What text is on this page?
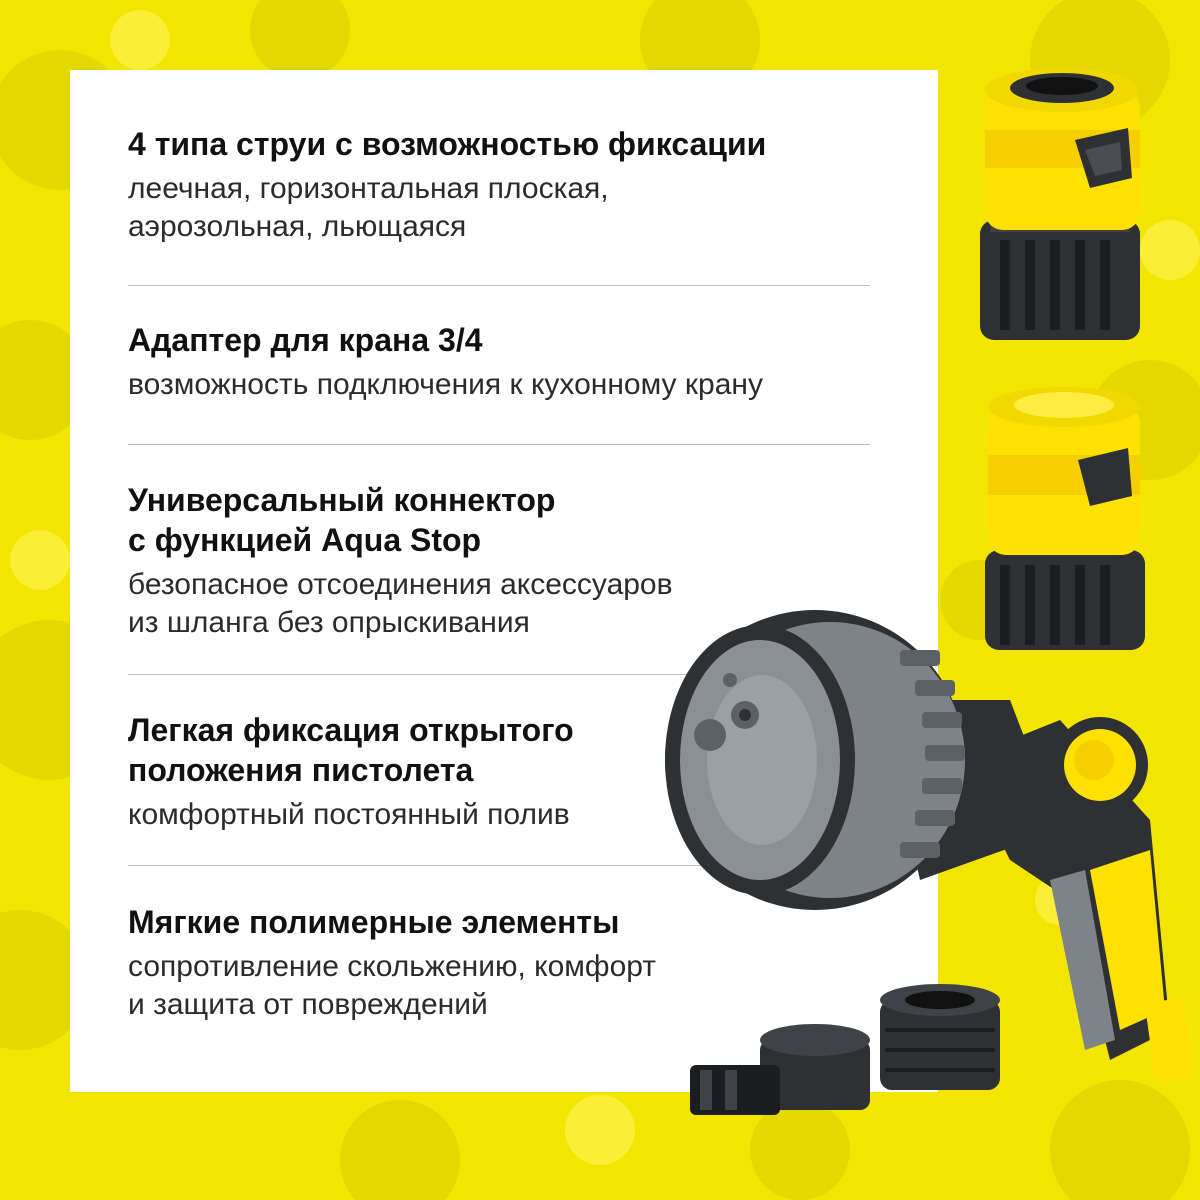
4 типа струи с возможностью фиксации

леечная, горизонтальная плоская,
аэрозольная, льющаяся

Адаптер для крана 3/4

возможность подключения к кухонному крану

Универсальный коннектор
с функцией Aqua Stop

безопасное отсоединения аксессуаров
из шланга без опрыскивания

Легкая фиксация открытого
положения пистолета

комфортный постоянный полив

Мягкие полимерные элементы

сопротивление скольжению, комфорт
и защита от повреждений
